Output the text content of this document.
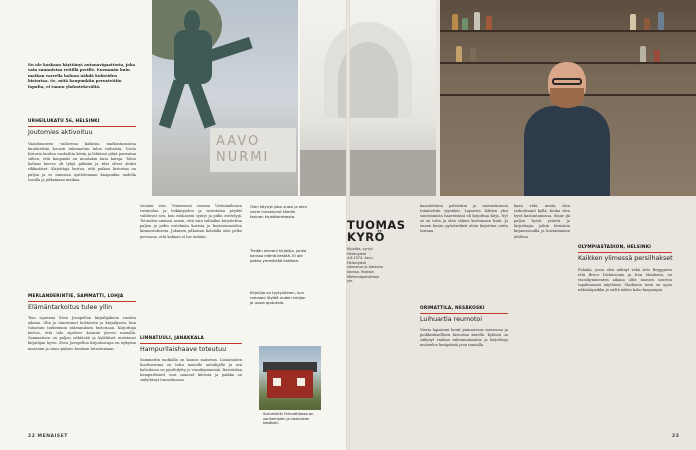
En ole koskaan käyttänyt autonavigaattoria, joka vain suunnistaa reitillä perille. Enemmän kuin matkan varrella haluan nähdä kohteiden historiaa. Se, mitä kaupunkiin perustettiin lopulta, ei tunnu yhdentekevältä.
URHEILUKATU 56, HELSINKI
Joutomies aktivoituu
Vaasihuoneen vaiheessa kaikissa matkustamoissa kuulutettiin kovasti rakennetun talon vaiheista. Usein historia kuuluu vanhoihin kiviin ja lähiössä pitää paneutua siihen, että kaupunki on muutakin kuin katuja. Talon kolmas kerros oli tyhjä pitkään ja tilat olivat aluksi rikkinäiset. Kirjoittaja kertoo, että paikan historiaa on paljon ja se innostaa ajattelemaan kaupunkia uudella tavalla ja jatkamaan matkaa.
MERLANDERINTIE, SAMMATTI, LOHJA
Elämäntarkoitus tulee yllin
Tein sijaisena Eeva Joenpellon kirjailijakotia vuoden aikana. Olin jo innostunut kohteesta ja kirjailijasta, kun tutustuin tarkemmin rakennuksen historiaan. Kirjoittaja kertoo, että talo sijaitsee kauniin järven rannalla. Sammatissa on paljon nähtävää ja kyläläiset muistavat kirjailijan hyvin. Eeva Joenpellon kirjoitustupa on nykyisin museona ja sinne pääsee kesäisin tutustumaan.
tiesiäni viisi. Viimeisenä vuonna Vietnamilaisen ravintolan ja leikkisyyden ja ravintolan pöydät vaihtuvat sen, kun esikoiseni syntyi ja pidin esittelyjä. Totuuden nimissä sanon, että sain valmiiksi kirjoitettua paljon ja pidin esitelmän kuvista ja kustantamoiden kiinnostuksesta. Jokaisen julkaisun kohdalla olen pelko persoona, että kukaan ei lue mitään.
LINNATUULI, JANAKKALA
Hampurilaishaave toteutuu
Sammattin matkalla on kaunis maisema. Linnatuulen huoltoasema on tuttu monelle autoilijalle ja sen kahvilassa on pysähdytty jo vuosikymmeniä. Ravintolan hampurilaiset ovat saaneet kiitosta ja paikka on säilyttänyt tunnelmansa.
Olen käynyt joka vuosi ja olen usein innostunut tämän tarinan kirjoittamisesta.
Tiedän olevani kirjailija, jonka kanssa elämä kestää. Ei ole pakko ymmärtää kaikkea.
Kirjailija on tyytyväinen, kun romaani löytää uuden lukijan ja uusia ajatuksia.
22 MENAISET
AAVO
NURMI
TUOMAS KYRÖ
Kirjailija, syntyi Helsingissä 4.6.1974. Asuu Helsingissä vaimonsa ja lastensa kanssa. Teoksia: Mielensäpahoittaja ym.
Sukumökki Orimattilassa on vanhempien ja sisarusten kesäkoti.
kansitettuna palaistiiin ja marraskuussa toimitettiin syysiden. Lapsesta lähtien yksi suurimmista haaveistani oli kirjoittaa kirja. Nyt se on totta ja olen valmis kertomaan lisää. Jo ennen kesän pyöräretkeä aloin kirjoittaa uutta tarinaa.
ORIMATTILA, NESÄKOSKI
Luihuartia reumotoi
Vierin lapsuteni kesät pumaisessa museossa ja poikkeuksellisen historian äärellä. Kylässä on säilynyt vanhaa rakennuskantaa ja kirjoittaja muistelee kesäpäiviä joen rannalla.
kaan väki, mutta olen tarkoittanut kyllä, koska olen hyvä kustantamossa. Sinne jäi paljon hyviä ystäviä ja kirjoittajia, joihin törmäsin kirjamessuilla ja kustantamon juhlissa.
OLYMPIASTADION, HELSINKI
Kaikken ylimessä persilhakset
Puhaka, jossa olen nähnyt sekä Arto Bryggaren että Bruce Dickinsonin ja Iron Maidenin, on vuosikymmenten aikana ollut monien suurten tapahtumien näyttämö. Stadionin torni on upea näköalapaikka ja sieltä näkee koko kaupungin.
23
